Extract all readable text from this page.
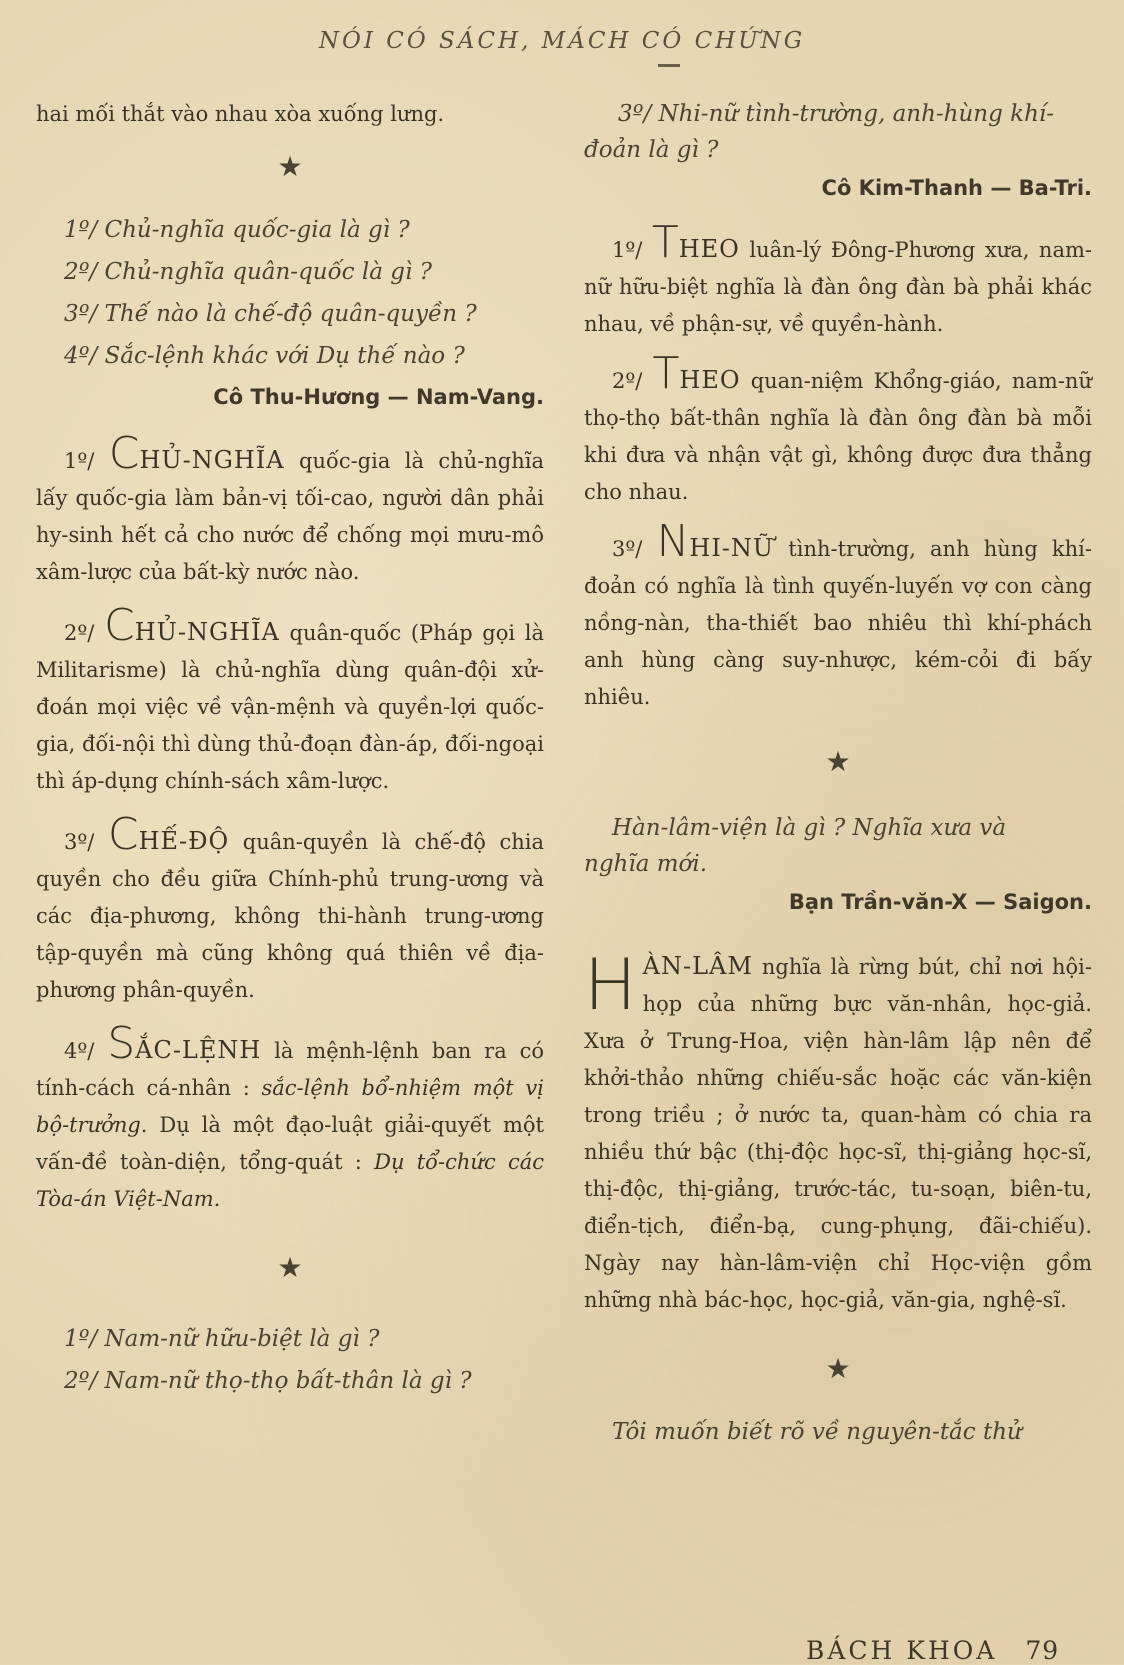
NÓI CÓ SÁCH, MÁCH CÓ CHỨNG

hai mối thắt vào nhau xòa xuống lưng.

★

1º/ Chủ-nghĩa quốc-gia là gì ?

2º/ Chủ-nghĩa quân-quốc là gì ?

3º/ Thế nào là chế-độ quân-quyền ?

4º/ Sắc-lệnh khác với Dụ thế nào ?

Cô Thu-Hương — Nam-Vang.

1º/ CHỦ-NGHĨA quốc-gia là chủ-nghĩa lấy quốc-gia làm bản-vị tối-cao, người dân phải hy-sinh hết cả cho nước để chống mọi mưu-mô xâm-lược của bất-kỳ nước nào.

2º/ CHỦ-NGHĨA quân-quốc (Pháp gọi là Militarisme) là chủ-nghĩa dùng quân-đội xử-đoán mọi việc về vận-mệnh và quyền-lợi quốc-gia, đối-nội thì dùng thủ-đoạn đàn-áp, đối-ngoại thì áp-dụng chính-sách xâm-lược.

3º/ CHẾ-ĐỘ quân-quyền là chế-độ chia quyền cho đều giữa Chính-phủ trung-ương và các địa-phương, không thi-hành trung-ương tập-quyền mà cũng không quá thiên về địa-phương phân-quyền.

4º/ SẮC-LỆNH là mệnh-lệnh ban ra có tính-cách cá-nhân : sắc-lệnh bổ-nhiệm một vị bộ-trưởng. Dụ là một đạo-luật giải-quyết một vấn-đề toàn-diện, tổng-quát : Dụ tổ-chức các Tòa-án Việt-Nam.

★

1º/ Nam-nữ hữu-biệt là gì ?

2º/ Nam-nữ thọ-thọ bất-thân là gì ?

3º/ Nhi-nữ tình-trường, anh-hùng khí-

đoản là gì ?

Cô Kim-Thanh — Ba-Tri.

1º/ THEO luân-lý Đông-Phương xưa, nam-nữ hữu-biệt nghĩa là đàn ông đàn bà phải khác nhau, về phận-sự, về quyền-hành.

2º/ THEO quan-niệm Khổng-giáo, nam-nữ thọ-thọ bất-thân nghĩa là đàn ông đàn bà mỗi khi đưa và nhận vật gì, không được đưa thẳng cho nhau.

3º/ NHI-NỮ tình-trường, anh hùng khí-đoản có nghĩa là tình quyến-luyến vợ con càng nồng-nàn, tha-thiết bao nhiêu thì khí-phách anh hùng càng suy-nhược, kém-cỏi đi bấy nhiêu.

★

Hàn-lâm-viện là gì ? Nghĩa xưa và

nghĩa mới.

Bạn Trần-văn-X — Saigon.

HÀN-LÂM nghĩa là rừng bút, chỉ nơi hội-họp của những bực văn-nhân, học-giả. Xưa ở Trung-Hoa, viện hàn-lâm lập nên để khởi-thảo những chiếu-sắc hoặc các văn-kiện trong triều ; ở nước ta, quan-hàm có chia ra nhiều thứ bậc (thị-độc học-sĩ, thị-giảng học-sĩ, thị-độc, thị-giảng, trước-tác, tu-soạn, biên-tu, điển-tịch, điển-bạ, cung-phụng, đãi-chiếu). Ngày nay hàn-lâm-viện chỉ Học-viện gồm những nhà bác-học, học-giả, văn-gia, nghệ-sĩ.

★

Tôi muốn biết rõ về nguyên-tắc thử

BÁCH KHOA 79
